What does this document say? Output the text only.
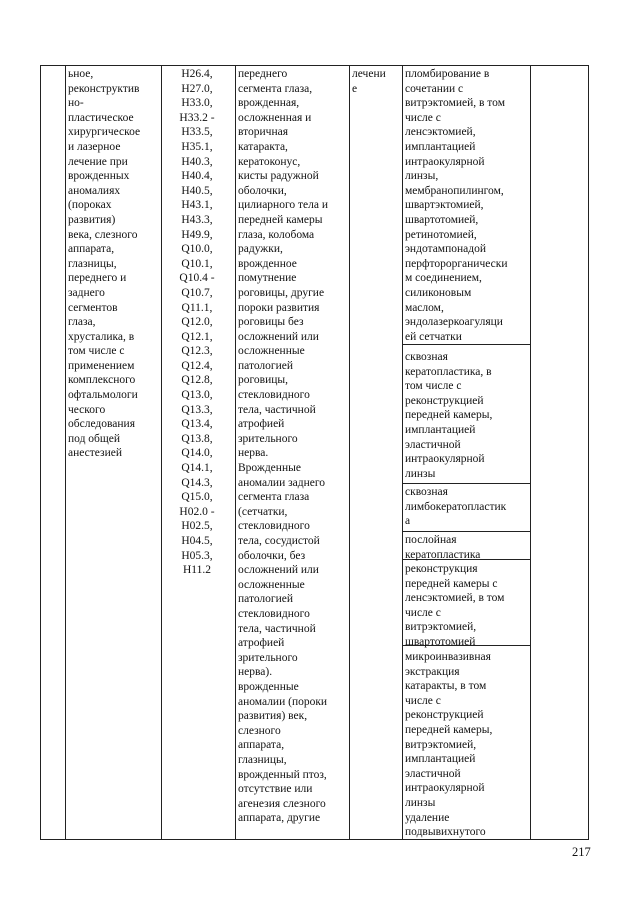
ьное,
реконструктив
но-
пластическое
хирургическое
и лазерное
лечение при
врожденных
аномалиях
(пороках
развития)
века, слезного
аппарата,
глазницы,
переднего и
заднего
сегментов
глаза,
хрусталика, в
том числе с
применением
комплексного
офтальмологи
ческого
обследования
под общей
анестезией
H26.4,
H27.0,
H33.0,
H33.2 -
H33.5,
H35.1,
H40.3,
H40.4,
H40.5,
H43.1,
H43.3,
H49.9,
Q10.0,
Q10.1,
Q10.4 -
Q10.7,
Q11.1,
Q12.0,
Q12.1,
Q12.3,
Q12.4,
Q12.8,
Q13.0,
Q13.3,
Q13.4,
Q13.8,
Q14.0,
Q14.1,
Q14.3,
Q15.0,
H02.0 -
H02.5,
H04.5,
H05.3,
H11.2
переднего
сегмента глаза,
врожденная,
осложненная и
вторичная
катаракта,
кератоконус,
кисты радужной
оболочки,
цилиарного тела и
передней камеры
глаза, колобома
радужки,
врожденное
помутнение
роговицы, другие
пороки развития
роговицы без
осложнений или
осложненные
патологией
роговицы,
стекловидного
тела, частичной
атрофией
зрительного
нерва.
Врожденные
аномалии заднего
сегмента глаза
(сетчатки,
стекловидного
тела, сосудистой
оболочки, без
осложнений или
осложненные
патологией
стекловидного
тела, частичной
атрофией
зрительного
нерва).
врожденные
аномалии (пороки
развития) век,
слезного
аппарата,
глазницы,
врожденный птоз,
отсутствие или
агенезия слезного
аппарата, другие
лечени
е
пломбирование в
сочетании с
витрэктомией, в том
числе с
ленсэктомией,
имплантацией
интраокулярной
линзы,
мембранопилингом,
швартэктомией,
швартотомией,
ретинотомией,
эндотампонадой
перфторорганически
м соединением,
силиконовым
маслом,
эндолазеркоагуляци
ей сетчатки
сквозная
кератопластика, в
том числе с
реконструкцией
передней камеры,
имплантацией
эластичной
интраокулярной
линзы
сквозная
лимбокератопластик
а
послойная
кератопластика
реконструкция
передней камеры с
ленсэктомией, в том
числе с
витрэктомией,
швартотомией
микроинвазивная
экстракция
катаракты, в том
числе с
реконструкцией
передней камеры,
витрэктомией,
имплантацией
эластичной
интраокулярной
линзы
удаление
подвывихнутого
217
